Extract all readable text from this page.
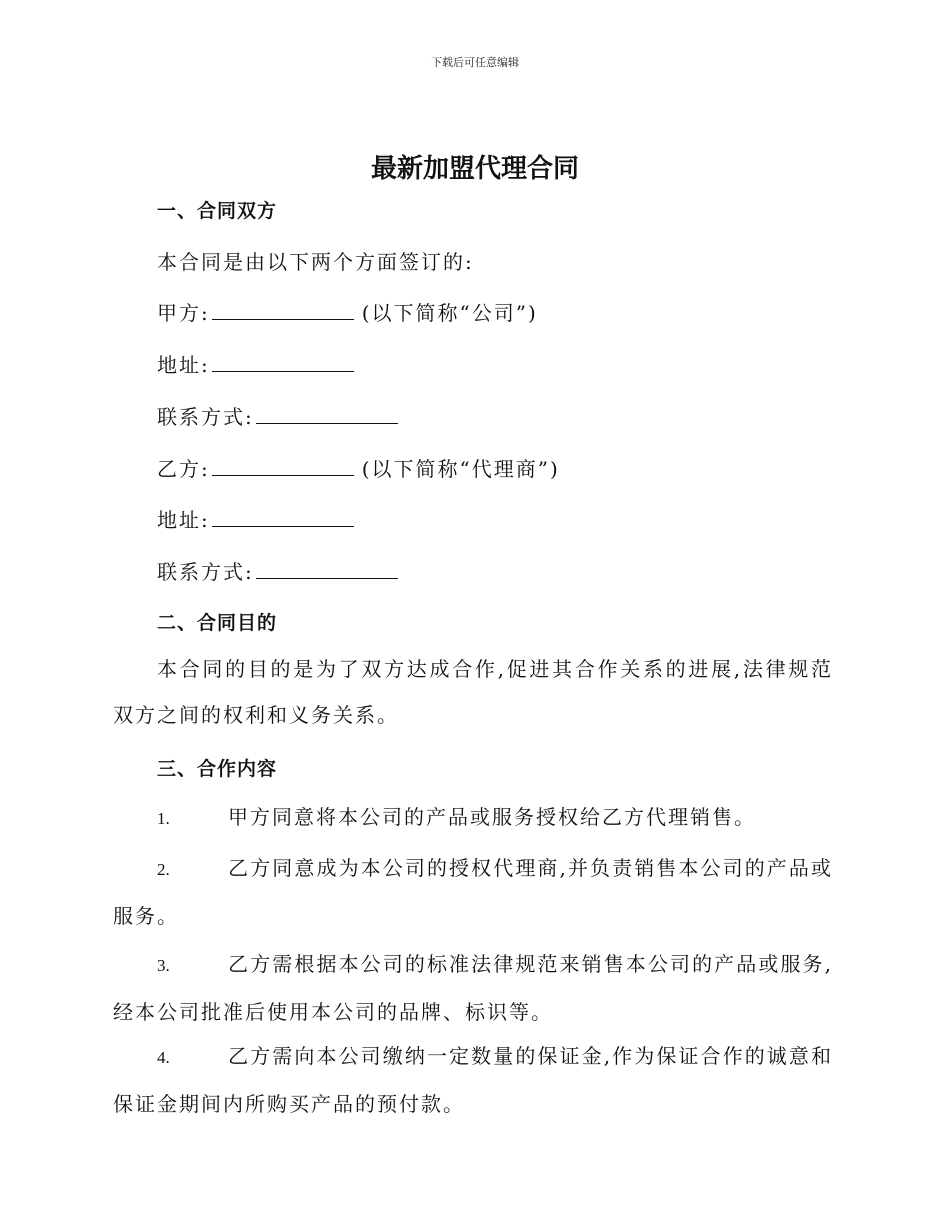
下载后可任意编辑
最新加盟代理合同
一、合同双方
本合同是由以下两个方面签订的:
甲方:	(以下简称“公司”)
地址:
联系方式:
乙方:	(以下简称“代理商”)
地址:
联系方式:
二、合同目的
本合同的目的是为了双方达成合作,促进其合作关系的进展,法律规范双方之间的权利和义务关系。
三、合作内容
1.	甲方同意将本公司的产品或服务授权给乙方代理销售。
2.	乙方同意成为本公司的授权代理商,并负责销售本公司的产品或服务。
3.	乙方需根据本公司的标准法律规范来销售本公司的产品或服务,经本公司批准后使用本公司的品牌、标识等。
4.	乙方需向本公司缴纳一定数量的保证金,作为保证合作的诚意和保证金期间内所购买产品的预付款。
